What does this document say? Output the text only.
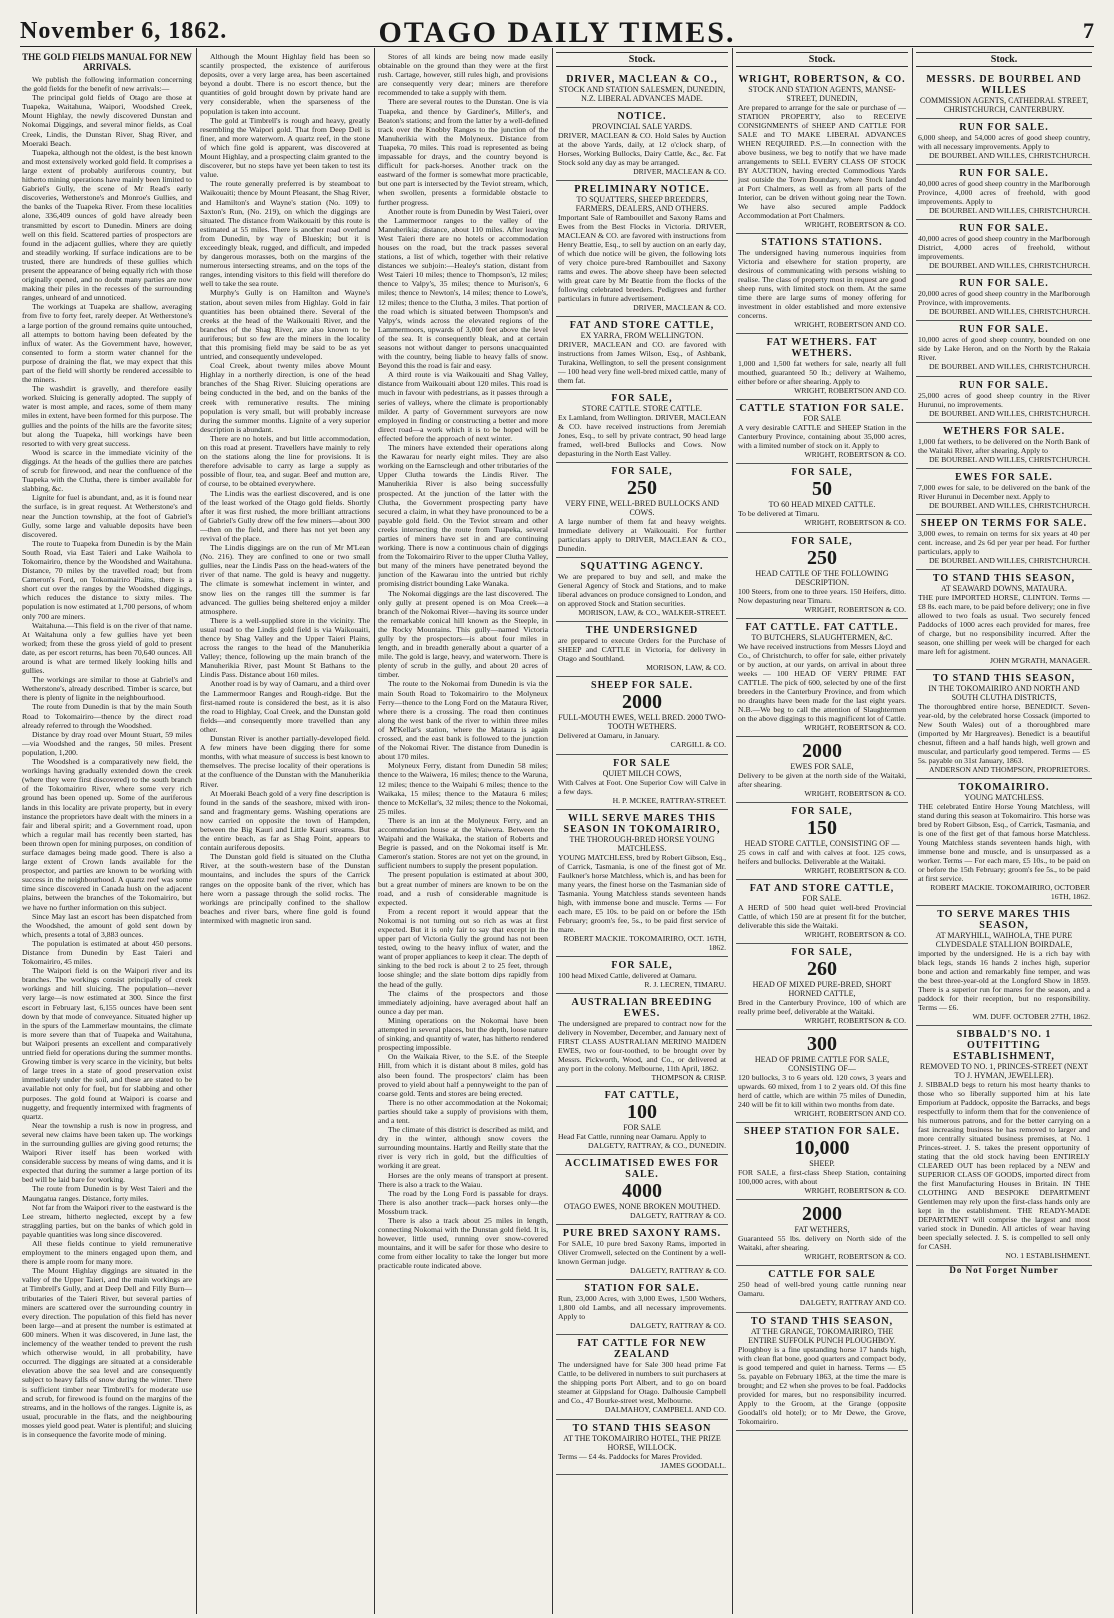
November 6, 1862.	OTAGO DAILY TIMES.	7
THE GOLD FIELDS MANUAL FOR NEW ARRIVALS.

We publish the following information concerning the gold fields for the benefit of new arrivals:—

The principal gold fields of Otago are those at Tuapeka, Waitahuna, Waipori, Woodshed Creek, Mount Highlay, the newly discovered Dunstan and Nokomai Diggings, and several minor fields, as Coal Creek, Lindis, the Dunstan River, Shag River, and Moeraki Beach.

Tuapeka, although not the oldest, is the best known and most extensively worked gold field. It comprises a large extent of probably auriferous country, but hitherto mining operations have mainly been limited to Gabriel's Gully, the scene of Mr Read's early discoveries, Wetherstone's and Monroe's Gullies, and the banks of the Tuapeka River. From these localities alone, 336,409 ounces of gold have already been transmitted by escort to Dunedin. Miners are doing well on this field. Scattered parties of prospectors are found in the adjacent gullies, where they are quietly and steadily working. If surface indications are to be trusted, there are hundreds of these gullies which present the appearance of being equally rich with those originally opened, and no doubt many parties are now making their piles in the recesses of the surrounding ranges, unheard of and unnoticed.

The workings at Tuapeka are shallow, averaging from five to forty feet, rarely deeper. At Wetherstone's a large portion of the ground remains quite untouched, all attempts to bottom having been defeated by the influx of water. As the Government have, however, consented to form a storm water channel for the purpose of draining the flat, we may expect that this part of the field will shortly be rendered accessible to the miners.

The washdirt is gravelly, and therefore easily worked. Sluicing is generally adopted. The supply of water is most ample, and races, some of them many miles in extent, have been formed for this purpose. The gullies and the points of the hills are the favorite sites; but along the Tuapeka, hill workings have been resorted to with very great success.

Wood is scarce in the immediate vicinity of the diggings. At the heads of the gullies there are patches of scrub for firewood, and near the confluence of the Tuapeka with the Clutha, there is timber available for slabbing, &c.

Lignite for fuel is abundant, and, as it is found near the surface, is in great request. At Wetherstone's and near the Junction township, at the foot of Gabriel's Gully, some large and valuable deposits have been discovered.

The route to Tuapeka from Dunedin is by the Main South Road, via East Taieri and Lake Waihola to Tokomairiro, thence by the Woodshed and Waitahuna. Distance, 70 miles by the travelled road; but from Cameron's Ford, on Tokomairiro Plains, there is a short cut over the ranges by the Woodshed diggings, which reduces the distance to sixty miles. The population is now estimated at 1,700 persons, of whom only 700 are miners.

Waitahuna.—This field is on the river of that name. At Waitahuna only a few gullies have yet been worked; from these the gross yield of gold to present date, as per escort returns, has been 70,640 ounces. All around is what are termed likely looking hills and gullies.

The workings are similar to those at Gabriel's and Wetherstone's, already described. Timber is scarce, but there is plenty of lignite in the neighbourhood.

The route from Dunedin is that by the main South Road to Tokomairiro—thence by the direct road already referred to through the Woodshed.

Distance by dray road over Mount Stuart, 59 miles—via Woodshed and the ranges, 50 miles. Present population, 1,200.

The Woodshed is a comparatively new field, the workings having gradually extended down the creek (where they were first discovered) to the south branch of the Tokomairiro River, where some very rich ground has been opened up. Some of the auriferous lands in this locality are private property, but in every instance the proprietors have dealt with the miners in a fair and liberal spirit; and a Government road, upon which a regular mail has recently been started, has been thrown open for mining purposes, on condition of surface damages being made good. There is also a large extent of Crown lands available for the prospector, and parties are known to be working with success in the neighbourhood. A quartz reef was some time since discovered in Canada hush on the adjacent plains, between the branches of the Tokomairiro, but we have no further information on this subject.

Since May last an escort has been dispatched from the Woodshed, the amount of gold sent down by which, presents a total of 3,883 ounces.

The population is estimated at about 450 persons. Distance from Dunedin by East Taieri and Tokomairiro, 45 miles.

The Waipori field is on the Waipori river and its branches. The workings consist principally of creek workings and hill sluicing. The population—never very large—is now estimated at 300. Since the first escort in February last, 6,155 ounces have been sent down by that mode of conveyance. Situated higher up in the spurs of the Lammerlaw mountains, the climate is more severe than that of Tuapeka and Waitahuna, but Waipori presents an excellent and comparatively untried field for operations during the summer months. Growing timber is very scarce in the vicinity, but belts of large trees in a state of good preservation exist immediately under the soil, and these are stated to be available not only for fuel, but for slabbing and other purposes. The gold found at Waipori is coarse and nuggetty, and frequently intermixed with fragments of quartz.

Near the township a rush is now in progress, and several new claims have been taken up. The workings in the surrounding gullies are giving good returns; the Waipori River itself has been worked with considerable success by means of wing dams, and it is expected that during the summer a large portion of its bed will be laid bare for working.

The route from Dunedin is by West Taieri and the Maungatua ranges. Distance, forty miles.

Not far from the Waipori river to the eastward is the Lee stream, hitherto neglected, except by a few straggling parties, but on the banks of which gold in payable quantities was long since discovered.

All these fields continue to yield remunerative employment to the miners engaged upon them, and there is ample room for many more.

The Mount Highlay diggings are situated in the valley of the Upper Taieri, and the main workings are at Timbrell's Gully, and at Deep Dell and Filly Burn—tributaries of the Taieri River, but several parties of miners are scattered over the surrounding country in every direction. The population of this field has never been large—and at present the number is estimated at 600 miners. When it was discovered, in June last, the inclemency of the weather tended to prevent the rush which otherwise would, in all probability, have occurred. The diggings are situated at a considerable elevation above the sea level and are consequently subject to heavy falls of snow during the winter. There is sufficient timber near Timbrell's for moderate use and scrub, for firewood is found on the margins of the streams, and in the hollows of the ranges. Lignite is, as usual, procurable in the flats, and the neighbouring mosses yield good peat. Water is plentiful; and sluicing is in consequence the favorite mode of mining.

Although the Mount Highlay field has been so scantily prospected, the existence of auriferous deposits, over a very large area, has been ascertained beyond a doubt. There is no escort thence, but the quantities of gold brought down by private hand are very considerable, when the sparseness of the population is taken into account.

The gold at Timbrell's is rough and heavy, greatly resembling the Waipori gold. That from Deep Dell is finer, and more waterworn. A quartz reef, in the stone of which fine gold is apparent, was discovered at Mount Highlay, and a prospecting claim granted to the discoverer, but no steps have yet been taken to test its value.

The route generally preferred is by steamboat to Waikouaiti; thence by Mount Pleasant, the Shag River, and Hamilton's and Wayne's station (No. 109) to Saxton's Run, (No. 219), on which the diggings are situated. The distance from Waikouaiti by this route is estimated at 55 miles. There is another road overland from Dunedin, by way of Blueskin; but it is exceedingly bleak, rugged, and difficult, and impeded by dangerous morasses, both on the margins of the numerous intersecting streams, and on the tops of the ranges, intending visitors to this field will therefore do well to take the sea route.

Murphy's Gully is on Hamilton and Wayne's station, about seven miles from Highlay. Gold in fair quantities has been obtained there. Several of the creeks at the head of the Waikouaiti River, and the branches of the Shag River, are also known to be auriferous; but so few are the miners in the locality that this promising field may be said to be as yet untried, and consequently undeveloped.

Coal Creek, about twenty miles above Mount Highlay in a northerly direction, is one of the head branches of the Shag River. Sluicing operations are being conducted in the bed, and on the banks of the creek with remunerative results. The mining population is very small, but will probably increase during the summer months. Lignite of a very superior description is abundant.

There are no hotels, and but little accommodation, on this road at present. Travellers have mainly to rely on the stations along the line for provisions. It is therefore advisable to carry as large a supply as possible of flour, tea, and sugar. Beef and mutton are, of course, to be obtained everywhere.

The Lindis was the earliest discovered, and is one of the least worked of the Otago gold fields. Shortly after it was first rushed, the more brilliant attractions of Gabriel's Gully drew off the few miners—about 300—then on the field, and there has not yet been any revival of the place.

The Lindis diggings are on the run of Mr M'Lean (No. 216). They are confined to one or two small gullies, near the Lindis Pass on the head-waters of the river of that name. The gold is heavy and nuggetty. The climate is somewhat inclement in winter, and snow lies on the ranges till the summer is far advanced. The gullies being sheltered enjoy a milder atmosphere.

There is a well-supplied store in the vicinity. The usual road to the Lindis gold field is via Waikouaiti, thence by Shag Valley and the Upper Taieri Plains, across the ranges to the head of the Manuherikia Valley; thence, following up the main branch of the Manuherikia River, past Mount St Bathans to the Lindis Pass. Distance about 160 miles.

Another road is by way of Oamaru, and a third over the Lammermoor Ranges and Rough-ridge. But the first-named route is considered the best, as it is also the road to Highlay, Coal Creek, and the Dunstan gold fields—and consequently more travelled than any other.

Dunstan River is another partially-developed field. A few miners have been digging there for some months, with what measure of success is best known to themselves. The precise locality of their operations is at the confluence of the Dunstan with the Manuherikia River.

At Moeraki Beach gold of a very fine description is found in the sands of the seashore, mixed with iron-sand and fragmentary gems. Washing operations are now carried on opposite the town of Hampden, between the Big Kauri and Little Kauri streams. But the entire beach, as far as Shag Point, appears to contain auriferous deposits.

The Dunstan gold field is situated on the Clutha River, at the south-western base of the Dunstan mountains, and includes the spurs of the Carrick ranges on the opposite bank of the river, which has here worn a passage through the solid rocks. The workings are principally confined to the shallow beaches and river bars, where fine gold is found intermixed with magnetic iron sand.

Stores of all kinds are being now made easily obtainable on the ground than they were at the first rush. Cartage, however, still rules high, and provisions are consequently very dear; miners are therefore recommended to take a supply with them.

There are several routes to the Dunstan. One is via Tuapeka, and thence by Gardiner's, Miller's, and Beaton's stations; and from the latter by a well-defined track over the Knobby Ranges to the junction of the Manuherikia with the Molyneux. Distance from Tuapeka, 70 miles. This road is represented as being impassable for drays, and the country beyond is difficult for pack-horses. Another track on the eastward of the former is somewhat more practicable, but one part is intersected by the Teviot stream, which, when swollen, presents a formidable obstacle to further progress.

Another route is from Dunedin by West Taieri, over the Lammermoor ranges to the valley of the Manuherikia; distance, about 110 miles. After leaving West Taieri there are no hotels or accommodation houses on the road, but the track passes several stations, a list of which, together with their relative distances we subjoin:—Healey's station, distant from West Taieri 10 miles; thence to Thompson's, 12 miles; thence to Valpy's, 35 miles; thence to Murison's, 6 miles; thence to Newton's, 14 miles; thence to Lowe's, 12 miles; thence to the Clutha, 3 miles. That portion of the road which is situated between Thompson's and Valpy's, winds across the elevated regions of the Lammermoors, upwards of 3,000 feet above the level of the sea. It is consequently bleak, and at certain seasons not without danger to persons unacquainted with the country, being liable to heavy falls of snow. Beyond this the road is fair and easy.

A third route is via Waikouaiti and Shag Valley, distance from Waikouaiti about 120 miles. This road is much in favour with pedestrians, as it passes through a series of valleys, where the climate is proportionably milder. A party of Government surveyors are now employed in finding or constructing a better and more direct road—a work which it is to be hoped will be effected before the approach of next winter.

The miners have extended their operations along the Kawarau for nearly eight miles. They are also working on the Earnscleugh and other tributaries of the Upper Clutha towards the Lindis River. The Manuherikia River is also being successfully prospected. At the junction of the latter with the Clutha, the Government prospecting party have secured a claim, in what they have pronounced to be a payable gold field. On the Teviot stream and other creeks intersecting the route from Tuapeka, several parties of miners have set in and are continuing working. There is now a continuous chain of diggings from the Tokomairiro River to the upper Clutha Valley, but many of the miners have penetrated beyond the junction of the Kawarau into the untried but richly promising district bounding Lake Wanaka.

The Nokomai diggings are the last discovered. The only gully at present opened is on Moa Creek—a branch of the Nokomai River—having its source under the remarkable conical hill known as the Steeple, in the Rocky Mountains. This gully—named Victoria gully by the prospectors—is about four miles in length, and in breadth generally about a quarter of a mile. The gold is large, heavy, and waterworn. There is plenty of scrub in the gully, and about 20 acres of timber.

The route to the Nokomai from Dunedin is via the main South Road to Tokomairiro to the Molyneux Ferry—thence to the Long Ford on the Mataura River, where there is a crossing. The road then continues along the west bank of the river to within three miles of M'Kellar's station, where the Mataura is again crossed, and the east bank is followed to the junction of the Nokomai River. The distance from Dunedin is about 170 miles.

Molyneux Ferry, distant from Dunedin 58 miles; thence to the Waiwera, 16 miles; thence to the Waruna, 12 miles; thence to the Waipahi 6 miles; thence to the Waikaka, 15 miles; thence to the Mataura 6 miles; thence to McKellar's, 32 miles; thence to the Nokomai, 25 miles.

There is an inn at the Molyneux Ferry, and an accommodation house at the Waiwera. Between the Waipahi and the Waikaka, the station of Roberts and Begrie is passed, and on the Nokomai itself is Mr. Cameron's station. Stores are not yet on the ground, in sufficient numbers to supply the present population.

The present population is estimated at about 300, but a great number of miners are known to be on the road, and a rush of considerable magnitude is expected.

From a recent report it would appear that the Nokomai is not turning out so rich as was at first expected. But it is only fair to say that except in the upper part of Victoria Gully the ground has not been tested, owing to the heavy influx of water, and the want of proper appliances to keep it clear. The depth of sinking to the bed rock is about 2 to 25 feet, through loose shingle; and the slate bottom dips rapidly from the head of the gully.

The claims of the prospectors and those immediately adjoining, have averaged about half an ounce a day per man.

Mining operations on the Nokomai have been attempted in several places, but the depth, loose nature of sinking, and quantity of water, has hitherto rendered prospecting impossible.

On the Waikaia River, to the S.E. of the Steeple Hill, from which it is distant about 8 miles, gold has also been found. The prospectors' claim has been proved to yield about half a pennyweight to the pan of coarse gold. Tents and stores are being erected.

There is no other accommodation at the Nokomai; parties should take a supply of provisions with them, and a tent.

The climate of this district is described as mild, and dry in the winter, although snow covers the surrounding mountains. Hartly and Reilly state that the river is very rich in gold, but the difficulties of working it are great.

Horses are the only means of transport at present. There is also a track to the Waiau.

The road by the Long Ford is passable for drays. There is also another track—pack horses only—the Mossburn track.

There is also a track about 25 miles in length, connecting Nokomai with the Dunstan gold field. It is, however, little used, running over snow-covered mountains, and it will be safer for those who desire to come from either locality to take the longer but more practicable route indicated above.

Stock.
DRIVER, MACLEAN & CO.,
STOCK AND STATION SALESMEN, DUNEDIN, N.Z. LIBERAL ADVANCES MADE.
NOTICE.
PROVINCIAL SALE YARDS.
DRIVER, MACLEAN & CO. Hold Sales by Auction at the above Yards, daily, at 12 o'clock sharp, of Horses, Working Bullocks, Dairy Cattle, &c., &c. Fat Stock sold any day as may be arranged.
DRIVER, MACLEAN & CO.
PRELIMINARY NOTICE.
TO SQUATTERS, SHEEP BREEDERS, FARMERS, DEALERS, AND OTHERS.
Important Sale of Rambouillet and Saxony Rams and Ewes from the Best Flocks in Victoria. DRIVER, MACLEAN & CO. are favored with instructions from Henry Beattie, Esq., to sell by auction on an early day, of which due notice will be given, the following lots of very choice pure-bred Rambouillet and Saxony rams and ewes. The above sheep have been selected with great care by Mr Beattie from the flocks of the following celebrated breeders. Pedigrees and further particulars in future advertisement.
DRIVER, MACLEAN & CO.
FAT AND STORE CATTLE,
EX YARRA, FROM WELLINGTON.
DRIVER, MACLEAN and CO. are favored with instructions from James Wilson, Esq., of Ashbank, Turakina, Wellington, to sell the present consignment — 100 head very fine well-bred mixed cattle, many of them fat.
FOR SALE,
STORE CATTLE. STORE CATTLE.
Ex Lamland, from Wellington. DRIVER, MACLEAN & CO. have received instructions from Jeremiah Jones, Esq., to sell by private contract, 90 head large framed, well-bred Bullocks and Cows. Now depasturing in the North East Valley.
FOR SALE,
250
VERY FINE, WELL-BRED BULLOCKS AND COWS.
A large number of them fat and heavy weights. Immediate delivery at Waikouaiti. For further particulars apply to DRIVER, MACLEAN & CO., Dunedin.
SQUATTING AGENCY.
We are prepared to buy and sell, and make the General Agency of Stock and Stations, and to make liberal advances on produce consigned to London, and on approved Stock and Station securities.
MORISON, LAW, & CO., WALKER-STREET.
THE UNDERSIGNED
are prepared to execute Orders for the Purchase of SHEEP and CATTLE in Victoria, for delivery in Otago and Southland.
MORISON, LAW, & CO.
SHEEP FOR SALE.
2000
FULL-MOUTH EWES, WELL BRED. 2000 TWO-TOOTH WETHERS.
Delivered at Oamaru, in January.
CARGILL & CO.
FOR SALE
QUIET MILCH COWS,
With Calves at Foot. One Superior Cow will Calve in a few days.
H. P. MCKEE, RATTRAY-STREET.
WILL SERVE MARES THIS SEASON IN TOKOMAIRIRO,
THE THOROUGH-BRED HORSE YOUNG MATCHLESS.
YOUNG MATCHLESS, bred by Robert Gibson, Esq., of Carrick, Tasmania, is one of the finest got of Mr. Faulkner's horse Matchless, which is, and has been for many years, the finest horse on the Tasmanian side of Tasmania. Young Matchless stands seventeen hands high, with immense bone and muscle. Terms — For each mare, £5 10s. to be paid on or before the 15th February; groom's fee, 5s., to be paid first service of mare.
ROBERT MACKIE. TOKOMAIRIRO, OCT. 16TH, 1862.
FOR SALE,
100 head Mixed Cattle, delivered at Oamaru.
R. J. LECREN, TIMARU.
AUSTRALIAN BREEDING EWES.
The undersigned are prepared to contract now for the delivery in November, December, and January next of FIRST CLASS AUSTRALIAN MERINO MAIDEN EWES, two or four-toothed, to be brought over by Messrs. Pickworth, Wood, and Co., or delivered at any port in the colony. Melbourne, 11th April, 1862.
THOMPSON & CRISP.
FAT CATTLE,
100
FOR SALE
Head Fat Cattle, running near Oamaru. Apply to
DALGETY, RATTRAY, & CO., DUNEDIN.
ACCLIMATISED EWES FOR SALE.
4000
OTAGO EWES, NONE BROKEN MOUTHED.
DALGETY, RATTRAY & CO.
PURE BRED SAXONY RAMS.
For SALE, 10 pure bred Saxony Rams, imported in Oliver Cromwell, selected on the Continent by a well-known German judge.
DALGETY, RATTRAY & CO.
STATION FOR SALE.
Run, 23,000 Acres, with 3,000 Ewes, 1,500 Wethers, 1,800 old Lambs, and all necessary improvements. Apply to
DALGETY, RATTRAY & CO.
FAT CATTLE FOR NEW ZEALAND
The undersigned have for Sale 300 head prime Fat Cattle, to be delivered in numbers to suit purchasers at the shipping ports Port Albert, and to go on board steamer at Gippsland for Otago. Dalhousie Campbell and Co., 47 Bourke-street west, Melbourne.
DALMAHOY, CAMPBELL AND CO.
TO STAND THIS SEASON
AT THE TOKOMAIRIRO HOTEL, THE PRIZE HORSE, WILLOCK.
Terms — £4 4s. Paddocks for Mares Provided.
JAMES GOODALL.
Stock.
WRIGHT, ROBERTSON, & CO.
STOCK AND STATION AGENTS, MANSE-STREET, DUNEDIN,
Are prepared to arrange for the sale or purchase of — STATION PROPERTY, also to RECEIVE CONSIGNMENTS of SHEEP AND CATTLE FOR SALE and TO MAKE LIBERAL ADVANCES WHEN REQUIRED. P.S.—In connection with the above business, we beg to notify that we have made arrangements to SELL EVERY CLASS OF STOCK BY AUCTION, having erected Commodious Yards just outside the Town Boundary, where Stock landed at Port Chalmers, as well as from all parts of the Interior, can be driven without going near the Town. We have also secured ample Paddock Accommodation at Port Chalmers.
WRIGHT, ROBERTSON & CO.
STATIONS STATIONS.
The undersigned having numerous inquiries from Victoria and elsewhere for station property, are desirous of communicating with persons wishing to realise. The class of property most in request are good sheep runs, with limited stock on them. At the same time there are large sums of money offering for investment in older established and more extensive concerns.
WRIGHT, ROBERTSON AND CO.
FAT WETHERS. FAT WETHERS.
1,000 and 1,500 fat wethers for sale, nearly all full mouthed, guaranteed 50 lb.; delivery at Waihemo, either before or after shearing. Apply to
WRIGHT, ROBERTSON AND CO.
CATTLE STATION FOR SALE.
FOR SALE
A very desirable CATTLE and SHEEP Station in the Canterbury Province, containing about 35,000 acres, with a limited number of stock on it. Apply to
WRIGHT, ROBERTSON & CO.
FOR SALE,
50
TO 60 HEAD MIXED CATTLE.
To be delivered at Timaru.
WRIGHT, ROBERTSON & CO.
FOR SALE,
250
HEAD CATTLE OF THE FOLLOWING DESCRIPTION.
100 Steers, from one to three years. 150 Heifers, ditto. Now depasturing near Timaru.
WRIGHT, ROBERTSON & CO.
FAT CATTLE. FAT CATTLE.
TO BUTCHERS, SLAUGHTERMEN, &C.
We have received instructions from Messrs Lloyd and Co., of Christchurch, to offer for sale, either privately or by auction, at our yards, on arrival in about three weeks — 100 HEAD OF VERY PRIME FAT CATTLE. The pick of 600, selected by one of the first breeders in the Canterbury Province, and from which no draughts have been made for the last eight years. N.B.—We beg to call the attention of Slaughtermen on the above diggings to this magnificent lot of Cattle.
WRIGHT, ROBERTSON & CO.
2000
EWES FOR SALE,
Delivery to be given at the north side of the Waitaki, after shearing.
WRIGHT, ROBERTSON & CO.
FOR SALE,
150
HEAD STORE CATTLE, CONSISTING OF —
25 cows in calf and with calves at foot. 125 cows, heifers and bullocks. Deliverable at the Waitaki.
WRIGHT, ROBERTSON & CO.
FAT AND STORE CATTLE,
FOR SALE.
A HERD of 500 head quiet well-bred Provincial Cattle, of which 150 are at present fit for the butcher, deliverable this side the Waitaki.
WRIGHT, ROBERTSON & CO.
FOR SALE,
260
HEAD OF MIXED PURE-BRED, SHORT HORNED CATTLE,
Bred in the Canterbury Province, 100 of which are really prime beef, deliverable at the Waitaki.
WRIGHT, ROBERTSON & CO.
300
HEAD OF PRIME CATTLE FOR SALE, CONSISTING OF—
120 bullocks, 3 to 6 years old. 120 cows, 3 years and upwards. 60 mixed, from 1 to 2 years old. Of this fine herd of cattle, which are within 75 miles of Dunedin, 240 will be fit to kill within two months from date.
WRIGHT, ROBERTSON AND CO.
SHEEP STATION FOR SALE.
10,000
SHEEP.
FOR SALE, a first-class Sheep Station, containing 100,000 acres, with about
WRIGHT, ROBERTSON & CO.
2000
FAT WETHERS,
Guaranteed 55 lbs. delivery on North side of the Waitaki, after shearing.
WRIGHT, ROBERTSON & CO.
CATTLE FOR SALE
250 head of well-bred young cattle running near Oamaru.
DALGETY, RATTRAY AND CO.
TO STAND THIS SEASON,
AT THE GRANGE, TOKOMAIRIRO, THE ENTIRE SUFFOLK PUNCH PLOUGHBOY.
Ploughboy is a fine upstanding horse 17 hands high, with clean flat bone, good quarters and compact body, is good tempered and quiet in harness. Terms — £5 5s. payable on February 1863, at the time the mare is brought; and £2 when she proves to be foal. Paddocks provided for mares, but no responsibility incurred. Apply to the Groom, at the Grange (opposite Goodall's old hotel); or to Mr Dewe, the Grove, Tokomairiro.
Stock.
MESSRS. DE BOURBEL AND WILLES
COMMISSION AGENTS, CATHEDRAL STREET, CHRISTCHURCH, CANTERBURY.
RUN FOR SALE.
6,000 sheep, and 54,000 acres of good sheep country, with all necessary improvements. Apply to
DE BOURBEL AND WILLES, CHRISTCHURCH.
RUN FOR SALE.
40,000 acres of good sheep country in the Marlborough Province, 4,000 acres of freehold, with good improvements. Apply to
DE BOURBEL AND WILLES, CHRISTCHURCH.
RUN FOR SALE.
40,000 acres of good sheep country in the Marlborough District, 4,000 acres of freehold, without improvements.
DE BOURBEL AND WILLES, CHRISTCHURCH.
RUN FOR SALE.
20,000 acres of good sheep country in the Marlborough Province, with improvements.
DE BOURBEL AND WILLES, CHRISTCHURCH.
RUN FOR SALE.
10,000 acres of good sheep country, bounded on one side by Lake Heron, and on the North by the Rakaia River.
DE BOURBEL AND WILLES, CHRISTCHURCH.
RUN FOR SALE.
25,000 acres of good sheep country in the River Hurunui, no improvements.
DE BOURBEL AND WILLES, CHRISTCHURCH.
WETHERS FOR SALE.
1,000 fat wethers, to be delivered on the North Bank of the Waitaki River, after shearing. Apply to
DE BOURBEL AND WILLES, CHRISTCHURCH.
EWES FOR SALE.
7,000 ewes for sale, to be delivered on the bank of the River Hurunui in December next. Apply to
DE BOURBEL AND WILLES, CHRISTCHURCH.
SHEEP ON TERMS FOR SALE.
3,000 ewes, to remain on terms for six years at 40 per cent. increase, and 2s 6d per year per head. For further particulars, apply to
DE BOURBEL AND WILLES, CHRISTCHURCH.
TO STAND THIS SEASON,
AT SEAWARD DOWNS, MATAURA.
THE pure IMPORTED HORSE, CLINTON. Terms — £8 8s. each mare, to be paid before delivery; one in five allowed to two foals as usual. Two securely fenced Paddocks of 1000 acres each provided for mares, free of charge, but no responsibility incurred. After the season, one shilling per week will be charged for each mare left for agistment.
JOHN M'GRATH, MANAGER.
TO STAND THIS SEASON,
IN THE TOKOMAIRIRO AND NORTH AND SOUTH CLUTHA DISTRICTS,
The thoroughbred entire horse, BENEDICT. Seven-year-old, by the celebrated horse Cossack (imported to New South Wales) out of a thoroughbred mare (imported by Mr Hargreaves). Benedict is a beautiful chesnut, fifteen and a half hands high, well grown and muscular, and particularly good tempered. Terms — £5 5s. payable on 31st January, 1863.
ANDERSON AND THOMPSON, PROPRIETORS.
TOKOMAIRIRO.
YOUNG MATCHLESS.
THE celebrated Entire Horse Young Matchless, will stand during this season at Tokomairiro. This horse was bred by Robert Gibson, Esq., of Carrick, Tasmania, and is one of the first get of that famous horse Matchless. Young Matchless stands seventeen hands high, with immense bone and muscle, and is unsurpassed as a worker. Terms — For each mare, £5 10s., to be paid on or before the 15th February; groom's fee 5s., to be paid at first service.
ROBERT MACKIE. TOKOMAIRIRO, OCTOBER 16TH, 1862.
TO SERVE MARES THIS SEASON,
AT MARYHILL, WAIHOLA, THE PURE CLYDESDALE STALLION BOIRDALE,
imported by the undersigned. He is a rich bay with black legs, stands 16 hands 2 inches high, superior bone and action and remarkably fine temper, and was the best three-year-old at the Longford Show in 1859. There is a superior run for mares for the season, and a paddock for their reception, but no responsibility. Terms — £6.
WM. DUFF. OCTOBER 27TH, 1862.
SIBBALD'S NO. 1 OUTFITTING ESTABLISHMENT,
REMOVED TO NO. 1, PRINCES-STREET (NEXT TO J. HYMAN, JEWELLER).
J. SIBBALD begs to return his most hearty thanks to those who so liberally supported him at his late Emporium at Paddock, opposite the Barracks, and begs respectfully to inform them that for the convenience of his numerous patrons, and for the better carrying on a fast increasing business he has removed to larger and more centrally situated business premises, at No. 1 Princes-street. J. S. takes the present opportunity of stating that the old stock having been ENTIRELY CLEARED OUT has been replaced by a NEW and SUPERIOR CLASS OF GOODS, imported direct from the first Manufacturing Houses in Britain. IN THE CLOTHING AND BESPOKE DEPARTMENT Gentlemen may rely upon the first-class hands only are kept in the establishment. THE READY-MADE DEPARTMENT will comprise the largest and most varied stock in Dunedin. All articles of wear having been specially selected. J. S. is compelled to sell only for CASH.
NO. 1 ESTABLISHMENT.
Do Not Forget Number
